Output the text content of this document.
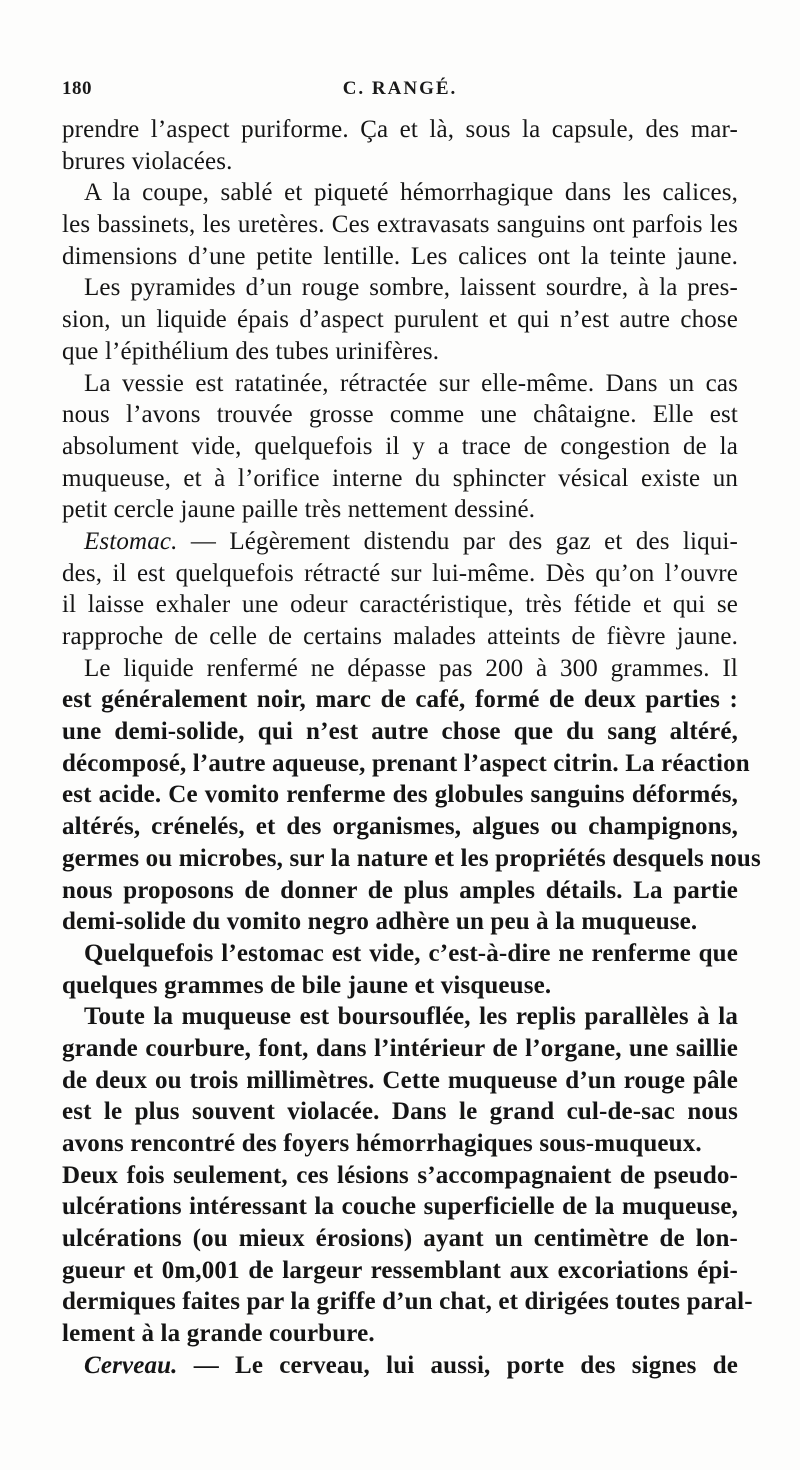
180	C. RANGÉ.
prendre l’aspect puriforme. Ça et là, sous la capsule, des mar-
brures violacées.
A la coupe, sablé et piqueté hémorrhagique dans les calices,
les bassinets, les uretères. Ces extravasats sanguins ont parfois les
dimensions d’une petite lentille. Les calices ont la teinte jaune.
Les pyramides d’un rouge sombre, laissent sourdre, à la pres-
sion, un liquide épais d’aspect purulent et qui n’est autre chose
que l’épithélium des tubes urinifères.
La vessie est ratatinée, rétractée sur elle-même. Dans un cas
nous l’avons trouvée grosse comme une châtaigne. Elle est
absolument vide, quelquefois il y a trace de congestion de la
muqueuse, et à l’orifice interne du sphincter vésical existe un
petit cercle jaune paille très nettement dessiné.
Estomac. — Légèrement distendu par des gaz et des liqui-
des, il est quelquefois rétracté sur lui-même. Dès qu’on l’ouvre
il laisse exhaler une odeur caractéristique, très fétide et qui se
rapproche de celle de certains malades atteints de fièvre jaune.
Le liquide renfermé ne dépasse pas 200 à 300 grammes. Il
est généralement noir, marc de café, formé de deux parties :
une demi-solide, qui n’est autre chose que du sang altéré,
décomposé, l’autre aqueuse, prenant l’aspect citrin. La réaction
est acide. Ce vomito renferme des globules sanguins déformés,
altérés, crénelés, et des organismes, algues ou champignons,
germes ou microbes, sur la nature et les propriétés desquels nous
nous proposons de donner de plus amples détails. La partie
demi-solide du vomito negro adhère un peu à la muqueuse.
Quelquefois l’estomac est vide, c’est-à-dire ne renferme que
quelques grammes de bile jaune et visqueuse.
Toute la muqueuse est boursouflée, les replis parallèles à la
grande courbure, font, dans l’intérieur de l’organe, une saillie
de deux ou trois millimètres. Cette muqueuse d’un rouge pâle
est le plus souvent violacée. Dans le grand cul-de-sac nous
avons rencontré des foyers hémorrhagiques sous-muqueux.
Deux fois seulement, ces lésions s’accompagnaient de pseudo-
ulcérations intéressant la couche superficielle de la muqueuse,
ulcérations (ou mieux érosions) ayant un centimètre de lon-
gueur et 0m,001 de largeur ressemblant aux excoriations épi-
dermiques faites par la griffe d’un chat, et dirigées toutes paral-
lement à la grande courbure.
Cerveau. — Le cerveau, lui aussi, porte des signes de
